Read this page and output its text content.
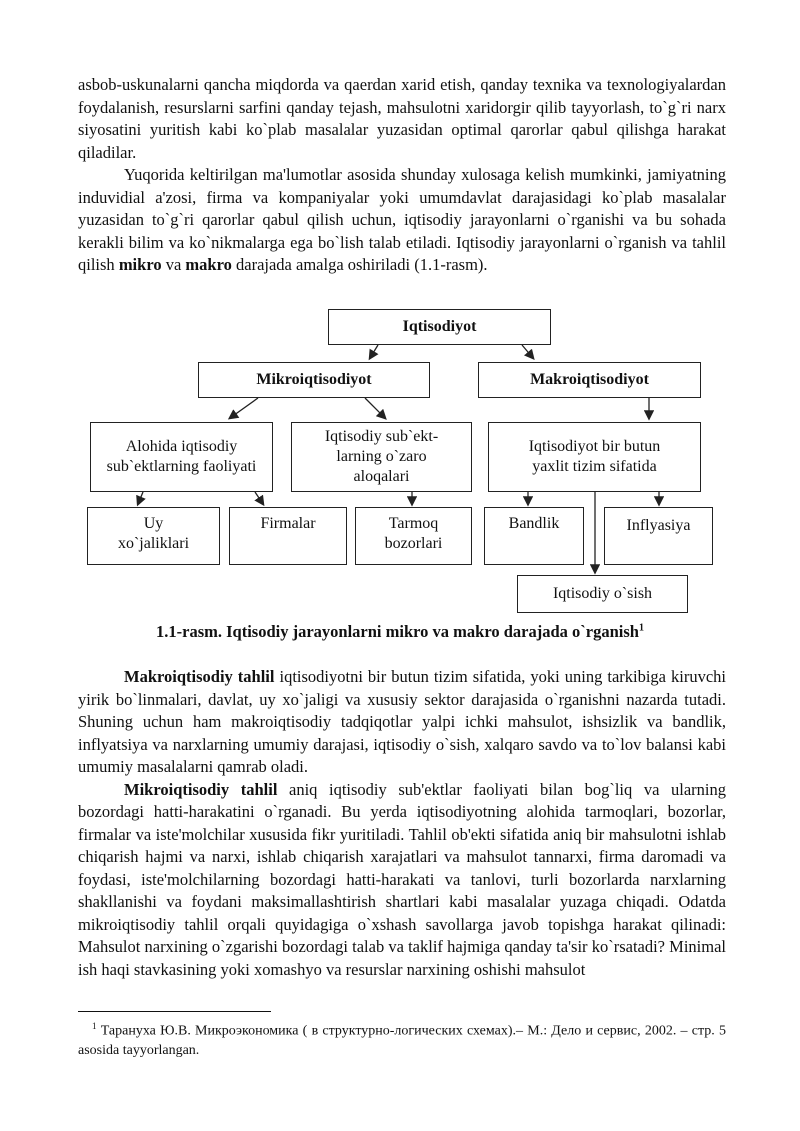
asbob-uskunalarni qancha miqdorda va qaerdan xarid etish, qanday texnika va texnologiyalardan foydalanish, resurslarni sarfini qanday tejash, mahsulotni xaridorgir qilib tayyorlash, to`g`ri narx siyosatini yuritish kabi ko`plab masalalar yuzasidan optimal qarorlar qabul qilishga harakat qiladilar.

Yuqorida keltirilgan ma'lumotlar asosida shunday xulosaga kelish mumkinki, jamiyatning induvidial a'zosi, firma va kompaniyalar yoki umumdavlat darajasidagi ko`plab masalalar yuzasidan to`g`ri qarorlar qabul qilish uchun, iqtisodiy jarayonlarni o`rganishi va bu sohada kerakli bilim va ko`nikmalarga ega bo`lish talab etiladi. Iqtisodiy jarayonlarni o`rganish va tahlil qilish mikro va makro darajada amalga oshiriladi (1.1-rasm).

Iqtisodiyot
Mikroiqtisodiyot	Makroiqtisodiyot
Alohida iqtisodiy sub`ektlarning faoliyati
Iqtisodiy sub`ekt-larning o`zaro aloqalari
Iqtisodiyot bir butun yaxlit tizim sifatida
Uy xo`jaliklari
Firmalar	Tarmoq bozorlari
Bandlik	Inflyasiya
Iqtisodiy o`sish
1.1-rasm. Iqtisodiy jarayonlarni mikro va makro darajada o`rganish$^1$

Makroiqtisodiy tahlil iqtisodiyotni bir butun tizim sifatida, yoki uning tarkibiga kiruvchi yirik bo`linmalari, davlat, uy xo`jaligi va xususiy sektor darajasida o`rganishni nazarda tutadi. Shuning uchun ham makroiqtisodiy tadqiqotlar yalpi ichki mahsulot, ishsizlik va bandlik, inflyatsiya va narxlarning umumiy darajasi, iqtisodiy o`sish, xalqaro savdo va to`lov balansi kabi umumiy masalalarni qamrab oladi.

Mikroiqtisodiy tahlil aniq iqtisodiy sub'ektlar faoliyati bilan bog`liq va ularning bozordagi hatti-harakatini o`rganadi. Bu yerda iqtisodiyotning alohida tarmoqlari, bozorlar, firmalar va iste'molchilar xususida fikr yuritiladi. Tahlil ob'ekti sifatida aniq bir mahsulotni ishlab chiqarish hajmi va narxi, ishlab chiqarish xarajatlari va mahsulot tannarxi, firma daromadi va foydasi, iste'molchilarning bozordagi hatti-harakati va tanlovi, turli bozorlarda narxlarning shakllanishi va foydani maksimallashtirish shartlari kabi masalalar yuzaga chiqadi. Odatda mikroiqtisodiy tahlil orqali quyidagiga o`xshash savollarga javob topishga harakat qilinadi: Mahsulot narxining o`zgarishi bozordagi talab va taklif hajmiga qanday ta'sir ko`rsatadi? Minimal ish haqi stavkasining yoki xomashyo va resurslar narxining oshishi mahsulot

$^1$ Тарануха Ю.В. Микроэкономика ( в структурно-логических схемах).– М.: Дело и сервис, 2002. – стр. 5 asosida tayyorlangan.
